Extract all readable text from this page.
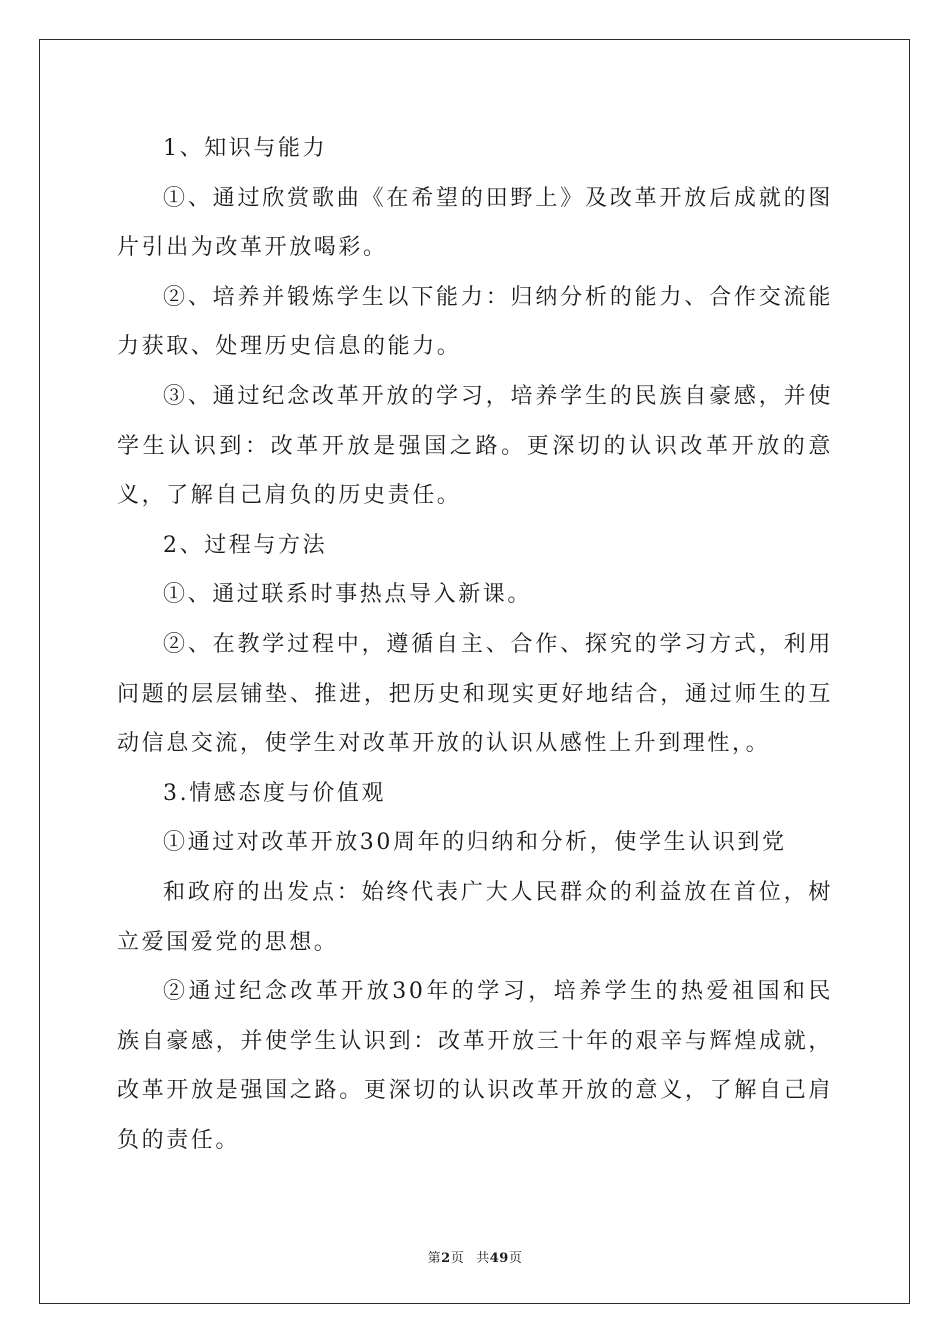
1、知识与能力

①、通过欣赏歌曲《在希望的田野上》及改革开放后成就的图片引出为改革开放喝彩。

②、培养并锻炼学生以下能力：归纳分析的能力、合作交流能力获取、处理历史信息的能力。

③、通过纪念改革开放的学习，培养学生的民族自豪感，并使学生认识到：改革开放是强国之路。更深切的认识改革开放的意义，了解自己肩负的历史责任。

2、过程与方法

①、通过联系时事热点导入新课。

②、在教学过程中，遵循自主、合作、探究的学习方式，利用问题的层层铺垫、推进，把历史和现实更好地结合，通过师生的互动信息交流，使学生对改革开放的认识从感性上升到理性，。

3.情感态度与价值观

①通过对改革开放30周年的归纳和分析，使学生认识到党

和政府的出发点：始终代表广大人民群众的利益放在首位，树立爱国爱党的思想。

②通过纪念改革开放30年的学习，培养学生的热爱祖国和民族自豪感，并使学生认识到：改革开放三十年的艰辛与辉煌成就，改革开放是强国之路。更深切的认识改革开放的意义，了解自己肩负的责任。

第2页 共49页
